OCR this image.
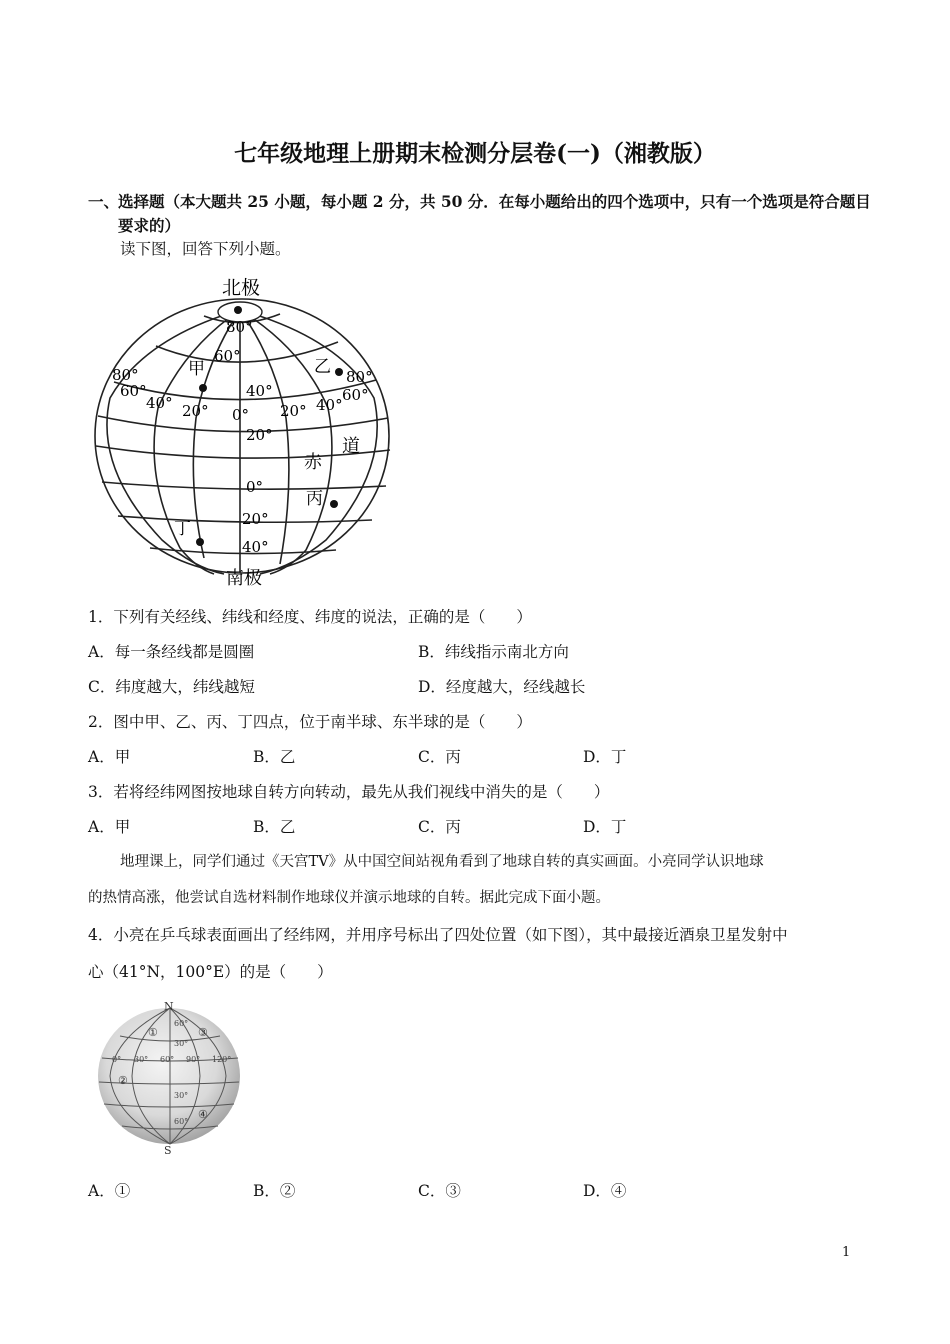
七年级地理上册期末检测分层卷(一)（湘教版）
一、
选择题（本大题共 25 小题，每小题 2 分，共 50 分．在每小题给出的四个选项中，只有一个选项是符合题目要求的）
读下图，回答下列小题。
北极
南极
80°
60°
40°
20°
0°
20°
40°
80°
60°
40° 20° 0° 20° 40°
60°
80°
甲	乙
丙
丁
赤
道
1．下列有关经线、纬线和经度、纬度的说法，正确的是（　　）
A．每一条经线都是圆圈	B．纬线指示南北方向
C．纬度越大，纬线越短	D．经度越大，经线越长
2．图中甲、乙、丙、丁四点，位于南半球、东半球的是（　　）
A．甲	B．乙	C．丙	D．丁
3．若将经纬网图按地球自转方向转动，最先从我们视线中消失的是（　　）
A．甲	B．乙	C．丙	D．丁
地理课上，同学们通过《天宫TV》从中国空间站视角看到了地球自转的真实画面。小亮同学认识地球
的热情高涨，他尝试自选材料制作地球仪并演示地球的自转。据此完成下面小题。
4．小亮在乒乓球表面画出了经纬网，并用序号标出了四处位置（如下图），其中最接近酒泉卫星发射中
心（41°N，100°E）的是（　　）
N
S
①
②
③
④
0° 30° 60° 90° 120°
60°
30°
30°
60°
A．①	B．②	C．③	D．④
1
